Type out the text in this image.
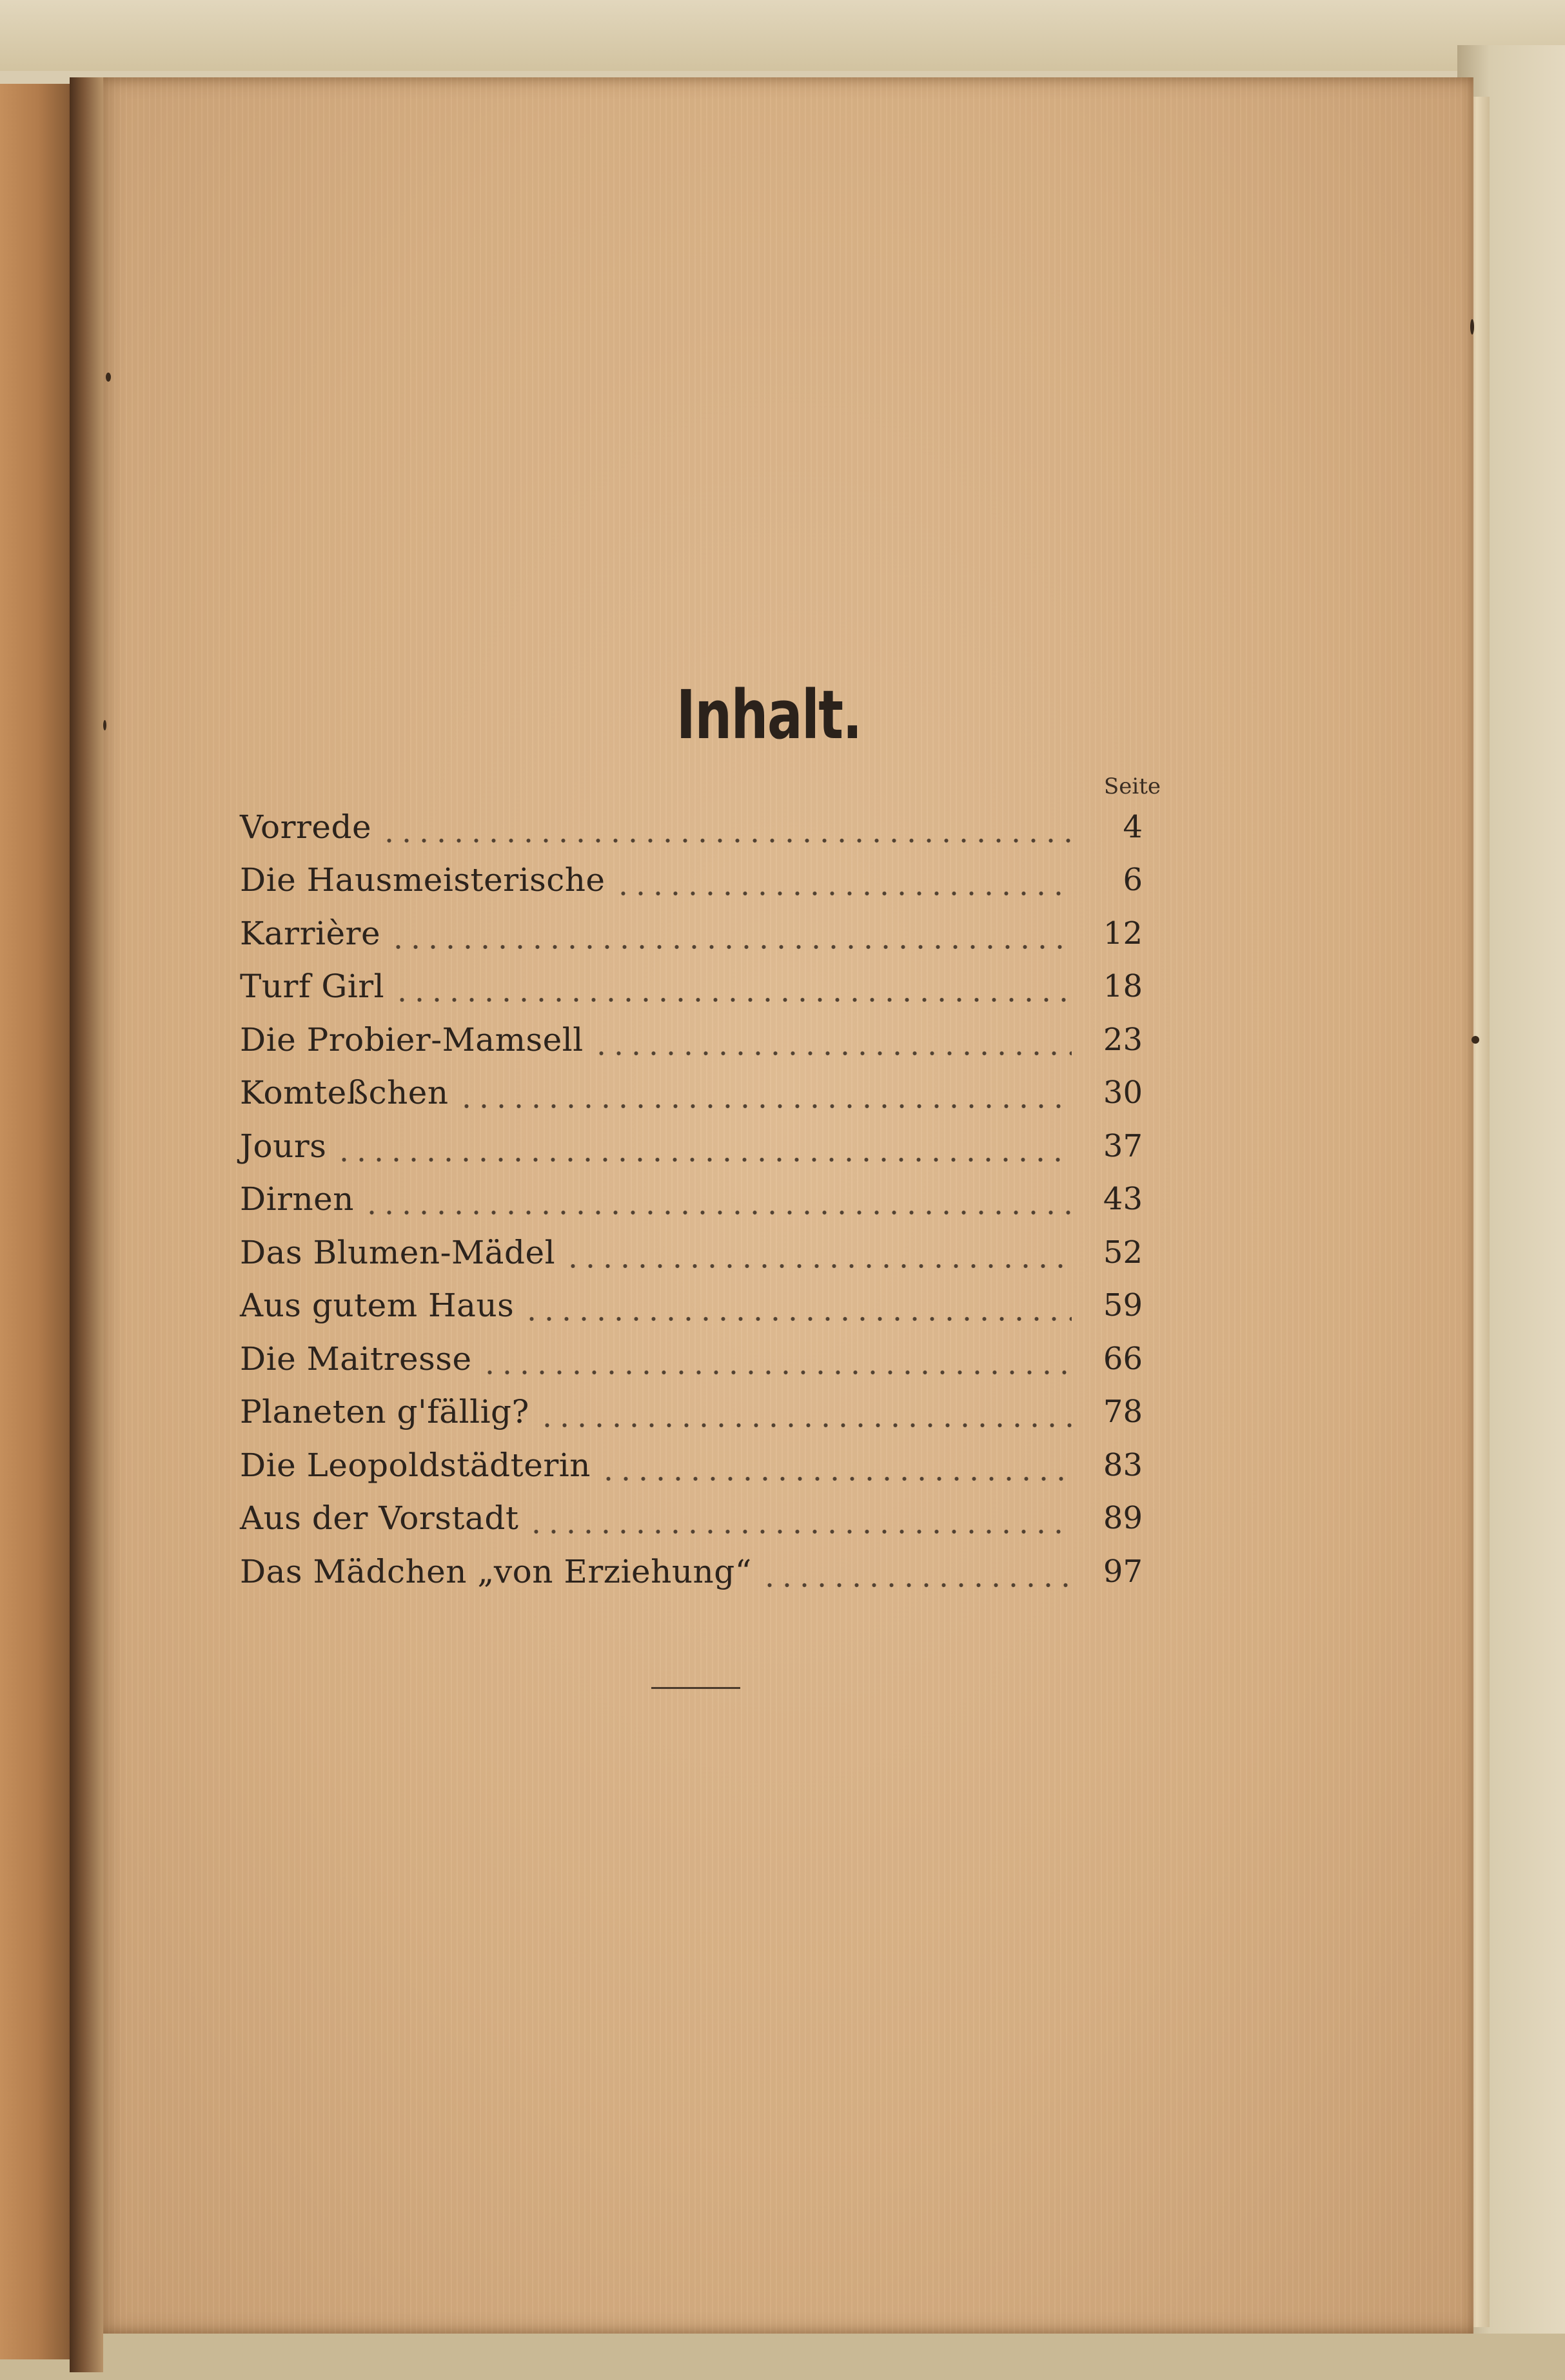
Inhalt.
Seite
Vorrede	4
Die Hausmeisterische	6
Karrière	12
Turf Girl	18
Die Probier-Mamsell	23
Komteßchen	30
Jours	37
Dirnen	43
Das Blumen-Mädel	52
Aus gutem Haus	59
Die Maitresse	66
Planeten g'fällig?	78
Die Leopoldstädterin	83
Aus der Vorstadt	89
Das Mädchen „von Erziehung“	97
